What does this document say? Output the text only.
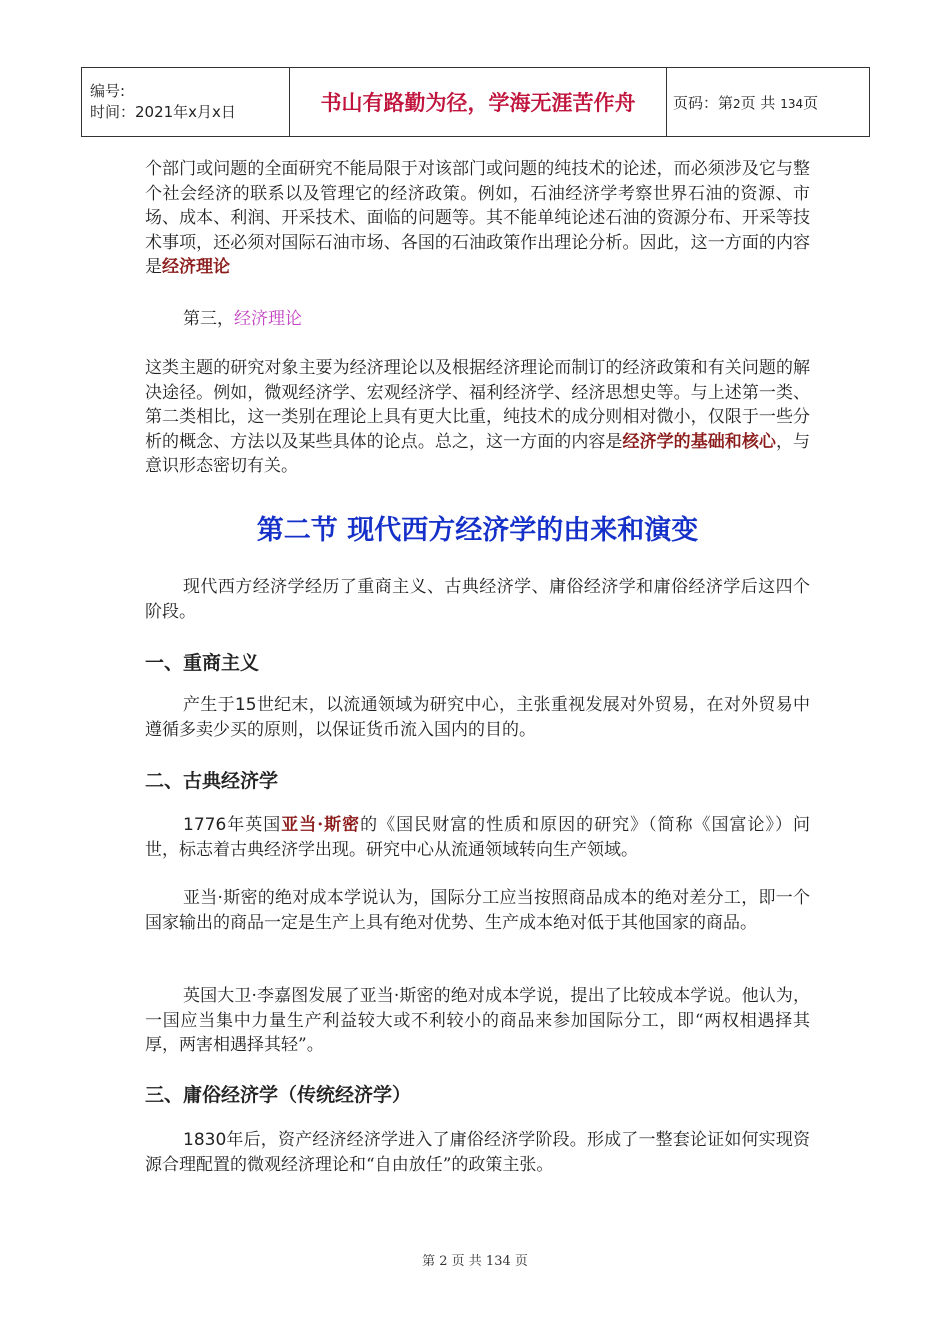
编号:
时间：2021年x月x日	书山有路勤为径，学海无涯苦作舟	页码：第2页 共 134页

个部门或问题的全面研究不能局限于对该部门或问题的纯技术的论述，而必须涉及它与整个社会经济的联系以及管理它的经济政策。例如，石油经济学考察世界石油的资源、市场、成本、利润、开采技术、面临的问题等。其不能单纯论述石油的资源分布、开采等技术事项，还必须对国际石油市场、各国的石油政策作出理论分析。因此，这一方面的内容是经济理论

第三，经济理论

这类主题的研究对象主要为经济理论以及根据经济理论而制订的经济政策和有关问题的解决途径。例如，微观经济学、宏观经济学、福利经济学、经济思想史等。与上述第一类、第二类相比，这一类别在理论上具有更大比重，纯技术的成分则相对微小，仅限于一些分析的概念、方法以及某些具体的论点。总之，这一方面的内容是经济学的基础和核心，与意识形态密切有关。

第二节 现代西方经济学的由来和演变

现代西方经济学经历了重商主义、古典经济学、庸俗经济学和庸俗经济学后这四个阶段。

一、重商主义

产生于15世纪末，以流通领域为研究中心，主张重视发展对外贸易，在对外贸易中遵循多卖少买的原则，以保证货币流入国内的目的。

二、古典经济学

1776年英国亚当·斯密的《国民财富的性质和原因的研究》（简称《国富论》）问世，标志着古典经济学出现。研究中心从流通领域转向生产领域。

亚当·斯密的绝对成本学说认为，国际分工应当按照商品成本的绝对差分工，即一个国家输出的商品一定是生产上具有绝对优势、生产成本绝对低于其他国家的商品。

英国大卫·李嘉图发展了亚当·斯密的绝对成本学说，提出了比较成本学说。他认为，一国应当集中力量生产利益较大或不利较小的商品来参加国际分工，即“两权相遇择其厚，两害相遇择其轻”。

三、庸俗经济学（传统经济学）

1830年后，资产经济经济学进入了庸俗经济学阶段。形成了一整套论证如何实现资源合理配置的微观经济理论和“自由放任”的政策主张。

第 2 页 共 134 页
